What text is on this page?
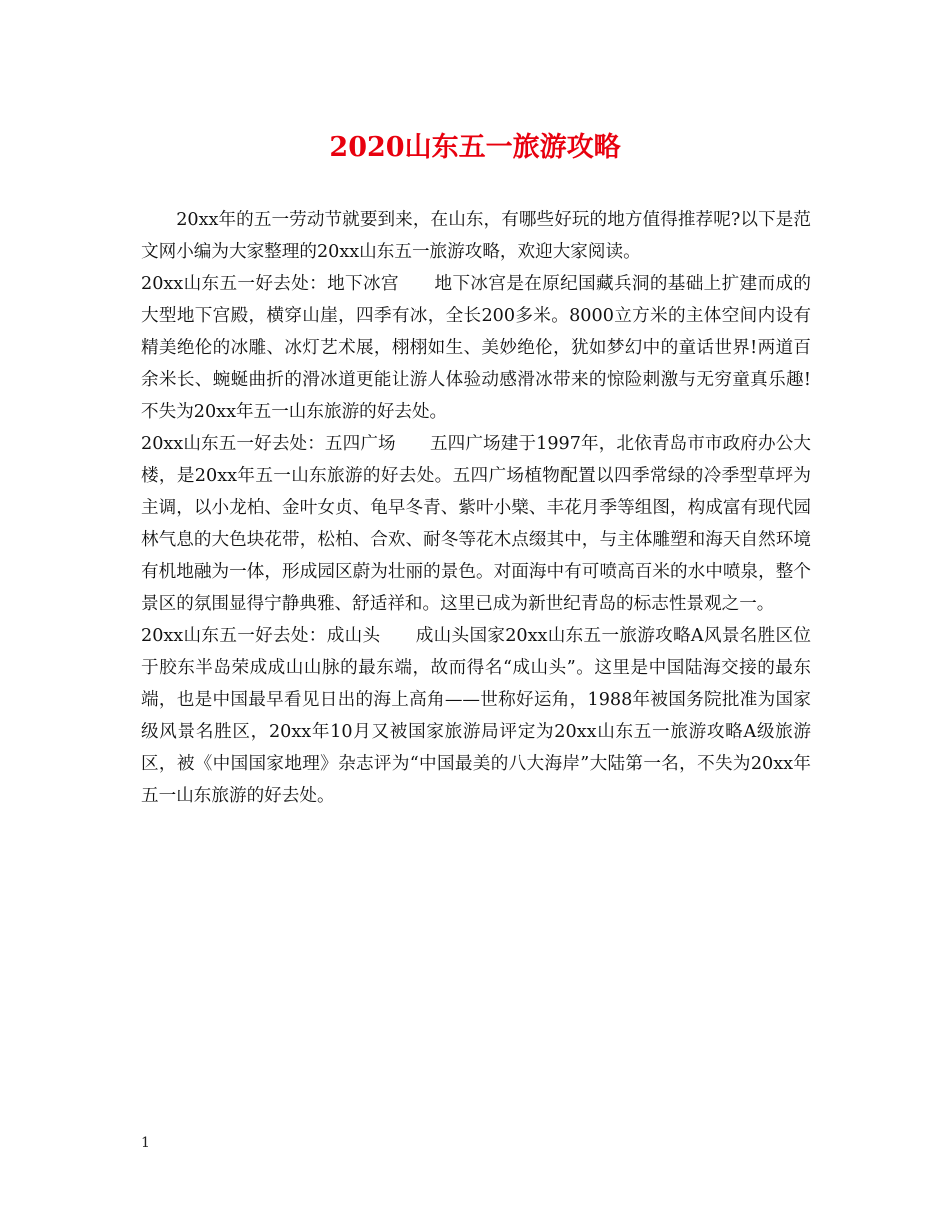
2020山东五一旅游攻略

20xx年的五一劳动节就要到来，在山东，有哪些好玩的地方值得推荐呢?以下是范文网小编为大家整理的20xx山东五一旅游攻略，欢迎大家阅读。

20xx山东五一好去处：地下冰宫 地下冰宫是在原纪国藏兵洞的基础上扩建而成的大型地下宫殿，横穿山崖，四季有冰，全长200多米。8000立方米的主体空间内设有精美绝伦的冰雕、冰灯艺术展，栩栩如生、美妙绝伦，犹如梦幻中的童话世界!两道百余米长、蜿蜒曲折的滑冰道更能让游人体验动感滑冰带来的惊险刺激与无穷童真乐趣!不失为20xx年五一山东旅游的好去处。

20xx山东五一好去处：五四广场 五四广场建于1997年，北依青岛市市政府办公大楼，是20xx年五一山东旅游的好去处。五四广场植物配置以四季常绿的冷季型草坪为主调，以小龙柏、金叶女贞、龟早冬青、紫叶小檗、丰花月季等组图，构成富有现代园林气息的大色块花带，松柏、合欢、耐冬等花木点缀其中，与主体雕塑和海天自然环境有机地融为一体，形成园区蔚为壮丽的景色。对面海中有可喷高百米的水中喷泉，整个景区的氛围显得宁静典雅、舒适祥和。这里已成为新世纪青岛的标志性景观之一。

20xx山东五一好去处：成山头 成山头国家20xx山东五一旅游攻略A风景名胜区位于胶东半岛荣成成山山脉的最东端，故而得名“成山头”。这里是中国陆海交接的最东端，也是中国最早看见日出的海上高角——世称好运角，1988年被国务院批准为国家级风景名胜区，20xx年10月又被国家旅游局评定为20xx山东五一旅游攻略A级旅游区，被《中国国家地理》杂志评为“中国最美的八大海岸”大陆第一名，不失为20xx年五一山东旅游的好去处。

1
